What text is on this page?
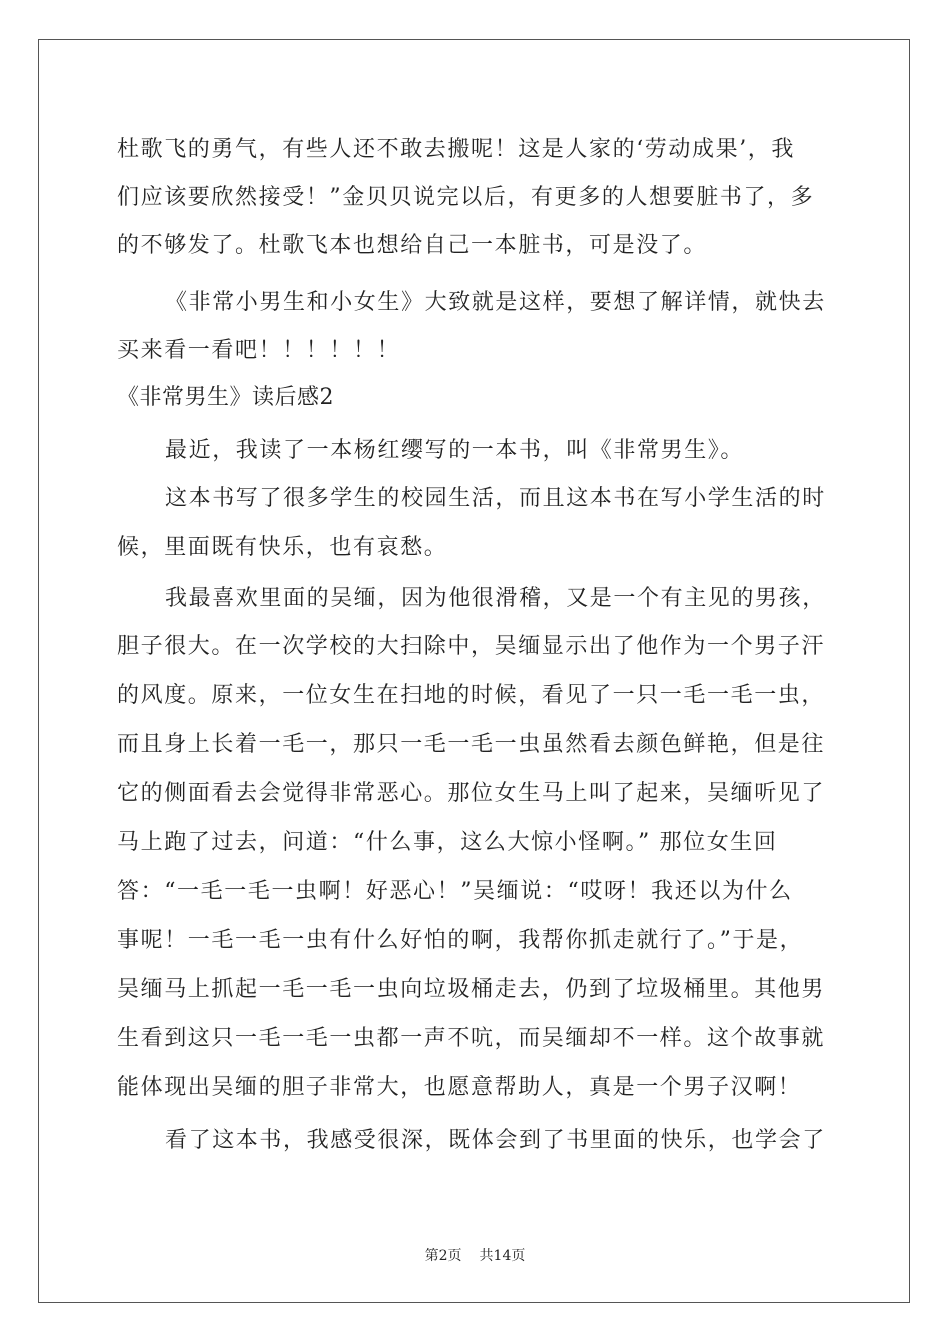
杜歌飞的勇气，有些人还不敢去搬呢！这是人家的‘劳动成果’，我

们应该要欣然接受！”金贝贝说完以后，有更多的人想要脏书了，多

的不够发了。杜歌飞本也想给自己一本脏书，可是没了。

《非常小男生和小女生》大致就是这样，要想了解详情，就快去

买来看一看吧！！！！！！

《非常男生》读后感2

最近，我读了一本杨红缨写的一本书，叫《非常男生》。

这本书写了很多学生的校园生活，而且这本书在写小学生活的时

候，里面既有快乐，也有哀愁。

我最喜欢里面的吴缅，因为他很滑稽，又是一个有主见的男孩，

胆子很大。在一次学校的大扫除中，吴缅显示出了他作为一个男子汗

的风度。原来，一位女生在扫地的时候，看见了一只一毛一毛一虫，

而且身上长着一毛一，那只一毛一毛一虫虽然看去颜色鲜艳，但是往

它的侧面看去会觉得非常恶心。那位女生马上叫了起来，吴缅听见了

马上跑了过去，问道：“什么事，这么大惊小怪啊。” 那位女生回

答：“一毛一毛一虫啊！好恶心！”吴缅说：“哎呀！我还以为什么

事呢！一毛一毛一虫有什么好怕的啊，我帮你抓走就行了。”于是，

吴缅马上抓起一毛一毛一虫向垃圾桶走去，仍到了垃圾桶里。其他男

生看到这只一毛一毛一虫都一声不吭，而吴缅却不一样。这个故事就

能体现出吴缅的胆子非常大，也愿意帮助人，真是一个男子汉啊！

看了这本书，我感受很深，既体会到了书里面的快乐，也学会了

第2页 共14页
